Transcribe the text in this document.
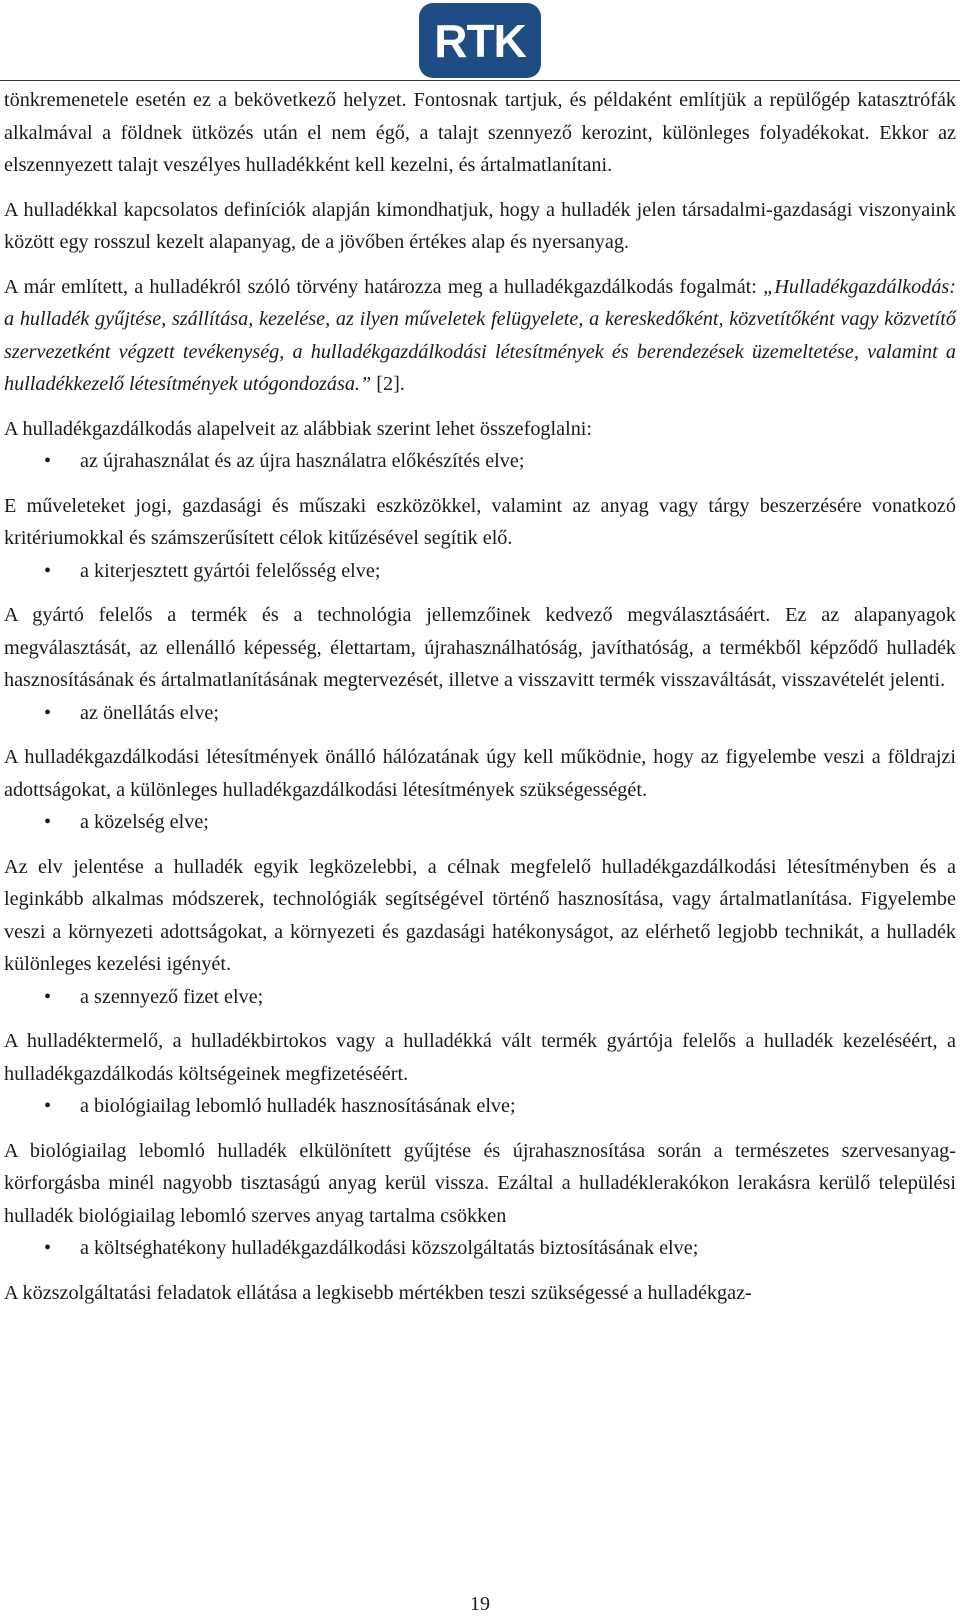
RTK

tönkremenetele esetén ez a bekövetkező helyzet. Fontosnak tartjuk, és példaként említjük a repülőgép katasztrófák alkalmával a földnek ütközés után el nem égő, a talajt szennyező kerozint, különleges folyadékokat. Ekkor az elszennyezett talajt veszélyes hulladékként kell kezelni, és ártalmatlanítani.

A hulladékkal kapcsolatos definíciók alapján kimondhatjuk, hogy a hulladék jelen társadalmi-gazdasági viszonyaink között egy rosszul kezelt alapanyag, de a jövőben értékes alap és nyersanyag.

A már említett, a hulladékról szóló törvény határozza meg a hulladékgazdálkodás fogalmát: „Hulladékgazdálkodás: a hulladék gyűjtése, szállítása, kezelése, az ilyen műveletek felügyelete, a kereskedőként, közvetítőként vagy közvetítő szervezetként végzett tevékenység, a hulladékgazdálkodási létesítmények és berendezések üzemeltetése, valamint a hulladékkezelő létesítmények utógondozása.” [2].

A hulladékgazdálkodás alapelveit az alábbiak szerint lehet összefoglalni:

• az újrahasználat és az újra használatra előkészítés elve;

E műveleteket jogi, gazdasági és műszaki eszközökkel, valamint az anyag vagy tárgy beszerzésére vonatkozó kritériumokkal és számszerűsített célok kitűzésével segítik elő.

• a kiterjesztett gyártói felelősség elve;

A gyártó felelős a termék és a technológia jellemzőinek kedvező megválasztásáért. Ez az alapanyagok megválasztását, az ellenálló képesség, élettartam, újrahasználhatóság, javíthatóság, a termékből képződő hulladék hasznosításának és ártalmatlanításának megtervezését, illetve a visszavitt termék visszaváltását, visszavételét jelenti.

• az önellátás elve;

A hulladékgazdálkodási létesítmények önálló hálózatának úgy kell működnie, hogy az figyelembe veszi a földrajzi adottságokat, a különleges hulladékgazdálkodási létesítmények szükségességét.

• a közelség elve;

Az elv jelentése a hulladék egyik legközelebbi, a célnak megfelelő hulladékgazdálkodási létesítményben és a leginkább alkalmas módszerek, technológiák segítségével történő hasznosítása, vagy ártalmatlanítása. Figyelembe veszi a környezeti adottságokat, a környezeti és gazdasági hatékonyságot, az elérhető legjobb technikát, a hulladék különleges kezelési igényét.

• a szennyező fizet elve;

A hulladéktermelő, a hulladékbirtokos vagy a hulladékká vált termék gyártója felelős a hulladék kezeléséért, a hulladékgazdálkodás költségeinek megfizetéséért.

• a biológiailag lebomló hulladék hasznosításának elve;

A biológiailag lebomló hulladék elkülönített gyűjtése és újrahasznosítása során a természetes szervesanyag-körforgásba minél nagyobb tisztaságú anyag kerül vissza. Ezáltal a hulladéklerakókon lerakásra kerülő települési hulladék biológiailag lebomló szerves anyag tartalma csökken

• a költséghatékony hulladékgazdálkodási közszolgáltatás biztosításának elve;

A közszolgáltatási feladatok ellátása a legkisebb mértékben teszi szükségessé a hulladékgaz-

19
